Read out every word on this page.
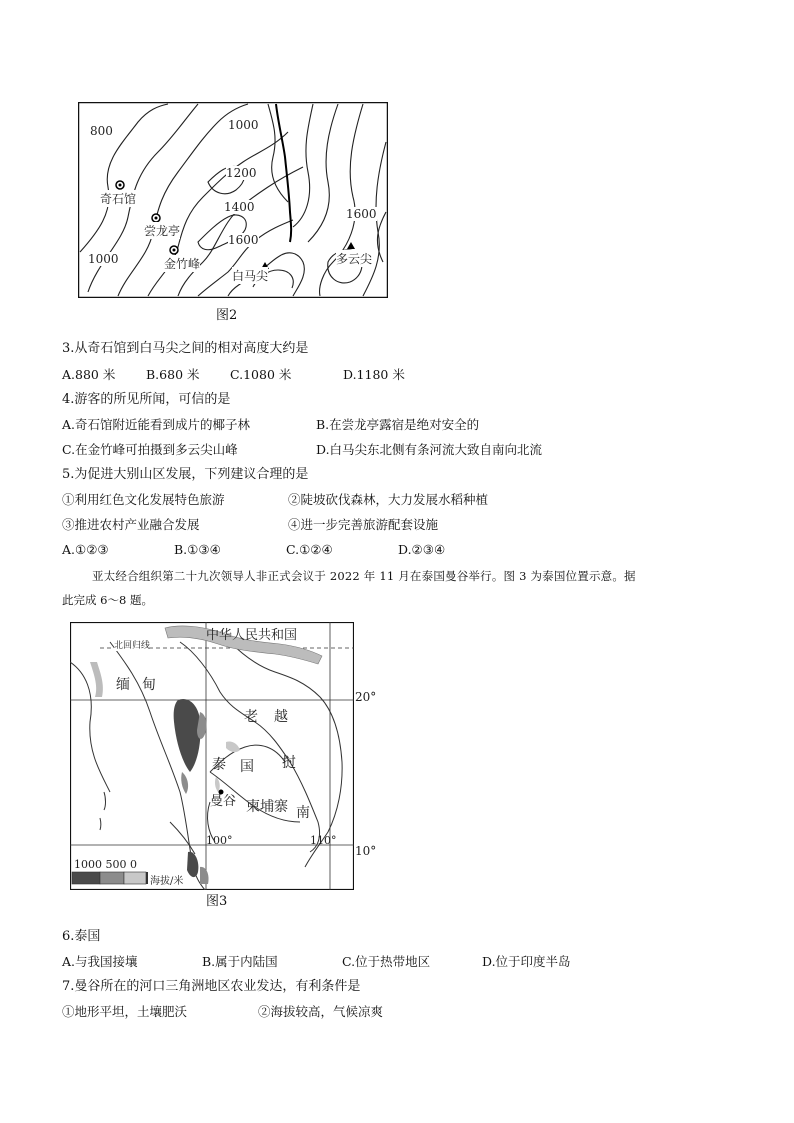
800	1000
1200
1400
1600
1600
1000
奇石馆
尝龙亭
金竹峰
白马尖
多云尖
图2
3.从奇石馆到白马尖之间的相对高度大约是
A.880 米 B.680 米 C.1080 米	D.1180 米
4.游客的所见所闻，可信的是
A.奇石馆附近能看到成片的椰子林	B.在尝龙亭露宿是绝对安全的
C.在金竹峰可拍摄到多云尖山峰	D.白马尖东北侧有条河流大致自南向北流
5.为促进大别山区发展，下列建议合理的是
①利用红色文化发展特色旅游	②陡坡砍伐森林，大力发展水稻种植
③推进农村产业融合发展	④进一步完善旅游配套设施
A.①②③	B.①③④	C.①②④	D.②③④
亚太经合组织第二十九次领导人非正式会议于 2022 年 11 月在泰国曼谷举行。图 3 为泰国位置示意。据
此完成 6～8 题。
中华人民共和国
北回归线
缅 甸
老 越
挝
南
泰 国
曼谷 柬埔寨
20°
10°
100°	110°
1000 500 0
海拔/米
图3
6.泰国
A.与我国接壤	B.属于内陆国	C.位于热带地区	D.位于印度半岛
7.曼谷所在的河口三角洲地区农业发达，有利条件是
①地形平坦，土壤肥沃	②海拔较高，气候凉爽
